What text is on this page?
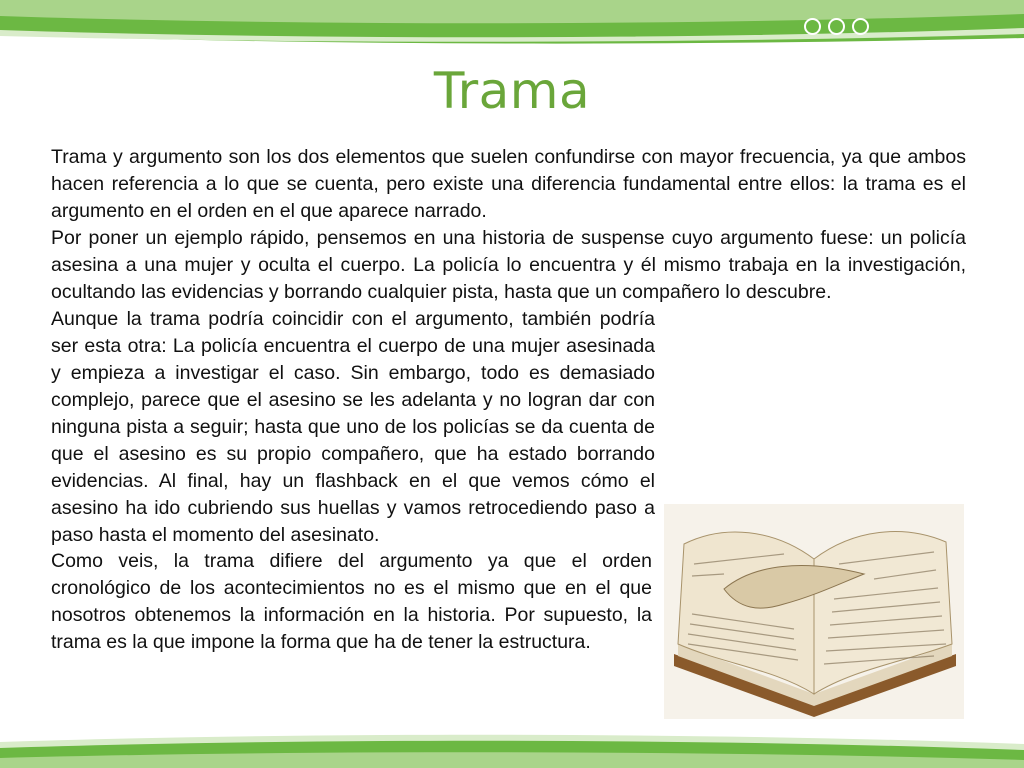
Trama

Trama y argumento son los dos elementos que suelen confundirse con mayor frecuencia, ya que ambos hacen referencia a lo que se cuenta, pero existe una diferencia fundamental entre ellos: la trama es el argumento en el orden en el que aparece narrado.

Por poner un ejemplo rápido, pensemos en una historia de suspense cuyo argumento fuese: un policía asesina a una mujer y oculta el cuerpo. La policía lo encuentra y él mismo trabaja en la investigación, ocultando las evidencias y borrando cualquier pista, hasta que un compañero lo descubre.

Aunque la trama podría coincidir con el argumento, también podría ser esta otra: La policía encuentra el cuerpo de una mujer asesinada y empieza a investigar el caso. Sin embargo, todo es demasiado complejo, parece que el asesino se les adelanta y no logran dar con ninguna pista a seguir; hasta que uno de los policías se da cuenta de que el asesino es su propio compañero, que ha estado borrando evidencias. Al final, hay un flashback en el que vemos cómo el asesino ha ido cubriendo sus huellas y vamos retrocediendo paso a paso hasta el momento del asesinato.

Como veis, la trama difiere del argumento ya que el orden cronológico de los acontecimientos no es el mismo que en el que nosotros obtenemos la información en la historia. Por supuesto, la trama es la que impone la forma que ha de tener la estructura.
